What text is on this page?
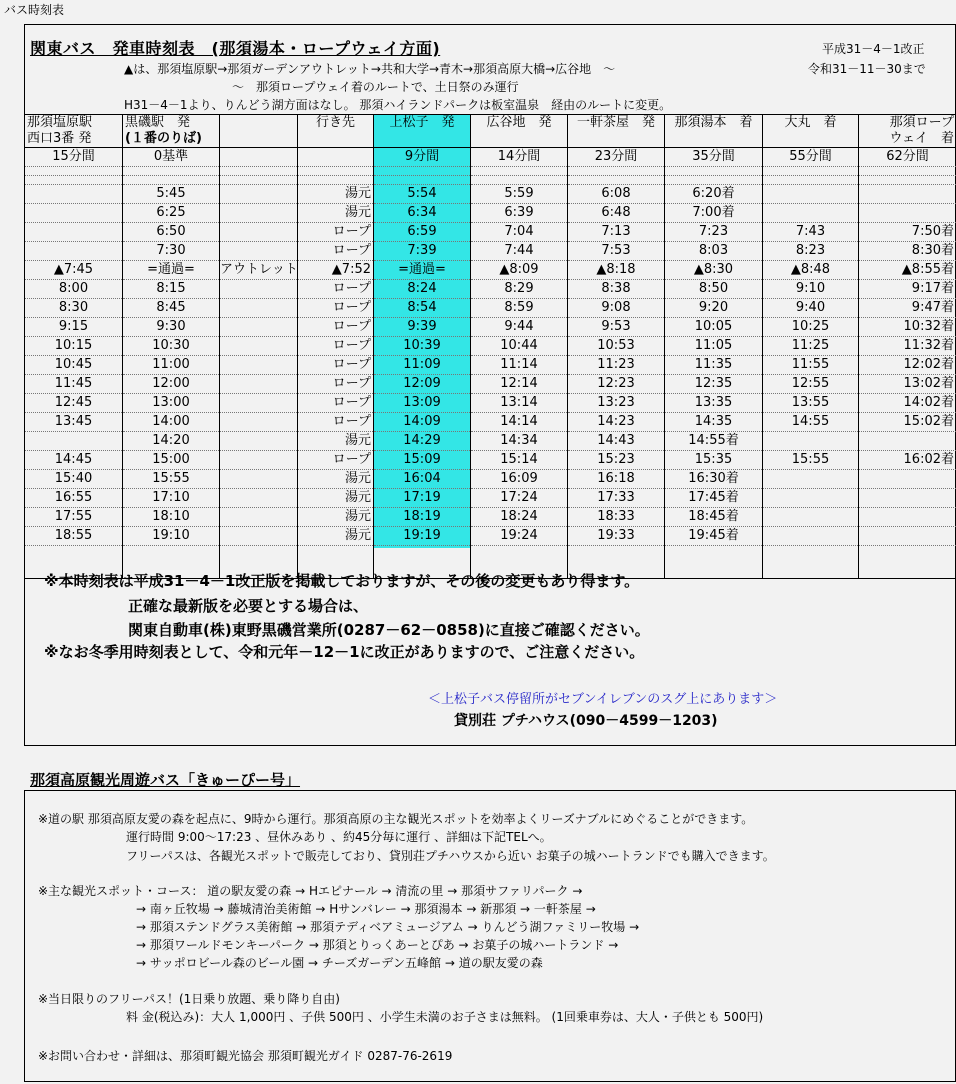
バス時刻表
関東バス　発車時刻表　(那須湯本・ロープウェイ方面)	平成31－4－1改正
令和31－11－30まで
▲は、那須塩原駅→那須ガーデンアウトレット→共和大学→青木→那須高原大橋→広谷地　～
～　那須ロープウェイ着のルートで、土日祭のみ運行
H31－4－1より、りんどう湖方面はなし。 那須ハイランドパークは板室温泉　経由のルートに変更。
那須塩原駅	黒磯駅　発		行き先	上松子　発	広谷地　発	一軒茶屋　発	那須湯本　着	大丸　着	那須ロープ
西口3番 発	(１番のりば)								ウェイ　着
15分間	0基準			9分間	14分間	23分間	35分間	55分間	62分間

	5:45		湯元	5:54	5:59	6:08	6:20着		
	6:25		湯元	6:34	6:39	6:48	7:00着		
	6:50		ロープ	6:59	7:04	7:13	7:23	7:43	7:50着
	7:30		ロープ	7:39	7:44	7:53	8:03	8:23	8:30着
▲7:45	=通過=	アウトレット	▲7:52	=通過=	▲8:09	▲8:18	▲8:30	▲8:48	▲8:55着
8:00	8:15		ロープ	8:24	8:29	8:38	8:50	9:10	9:17着
8:30	8:45		ロープ	8:54	8:59	9:08	9:20	9:40	9:47着
9:15	9:30		ロープ	9:39	9:44	9:53	10:05	10:25	10:32着
10:15	10:30		ロープ	10:39	10:44	10:53	11:05	11:25	11:32着
10:45	11:00		ロープ	11:09	11:14	11:23	11:35	11:55	12:02着
11:45	12:00		ロープ	12:09	12:14	12:23	12:35	12:55	13:02着
12:45	13:00		ロープ	13:09	13:14	13:23	13:35	13:55	14:02着
13:45	14:00		ロープ	14:09	14:14	14:23	14:35	14:55	15:02着
	14:20		湯元	14:29	14:34	14:43	14:55着		
14:45	15:00		ロープ	15:09	15:14	15:23	15:35	15:55	16:02着
15:40	15:55		湯元	16:04	16:09	16:18	16:30着		
16:55	17:10		湯元	17:19	17:24	17:33	17:45着		
17:55	18:10		湯元	18:19	18:24	18:33	18:45着		
18:55	19:10		湯元	19:19	19:24	19:33	19:45着		

※本時刻表は平成31－4－1改正版を掲載しておりますが、その後の変更もあり得ます。
正確な最新版を必要とする場合は、
関東自動車(株)東野黒磯営業所(0287－62－0858)に直接ご確認ください。
※なお冬季用時刻表として、令和元年－12－1に改正がありますので、ご注意ください。
＜上松子バス停留所がセブンイレブンのスグ上にあります＞
貸別荘 プチハウス(090－4599－1203)
那須高原観光周遊バス「きゅーぴー号」
※道の駅 那須高原友愛の森を起点に、9時から運行。那須高原の主な観光スポットを効率よくリーズナブルにめぐることができます。
運行時間 9:00～17:23 、昼休みあり 、約45分毎に運行 、詳細は下記TELへ。
フリーパスは、各観光スポットで販売しており、貸別荘プチハウスから近い お菓子の城ハートランドでも購入できます。
※主な観光スポット・コース： 道の駅友愛の森 → Hエピナール → 清流の里 → 那須サファリパーク →
→ 南ヶ丘牧場 → 藤城清治美術館 → Hサンバレー → 那須湯本 → 新那須 → 一軒茶屋 →
→ 那須ステンドグラス美術館 → 那須テディベアミュージアム → りんどう湖ファミリー牧場 →
→ 那須ワールドモンキーパーク → 那須とりっくあーとぴあ → お菓子の城ハートランド →
→ サッポロビール森のビール園 → チーズガーデン五峰館 → 道の駅友愛の森
※当日限りのフリーパス！(1日乗り放題、乗り降り自由)
料 金(税込み)：大人 1,000円 、子供 500円 、小学生未満のお子さまは無料。 (1回乗車券は、大人・子供とも 500円)
※お問い合わせ・詳細は、那須町観光協会 那須町観光ガイド 0287-76-2619
